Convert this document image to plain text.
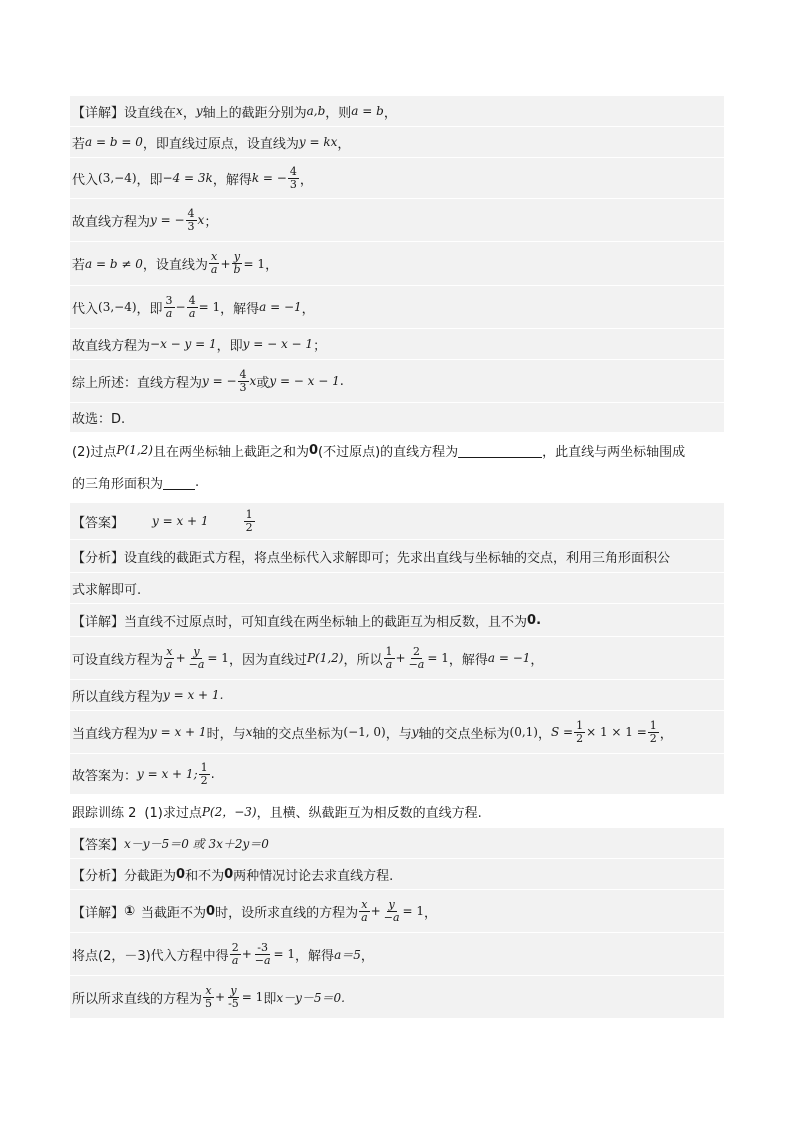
【详解】 设直线在 x ， y 轴上的截距分别为 a,b ，则 a = b ，
若 a = b = 0 ，即直线过原点，设直线为 y = kx ，
代入 (3,−4) ，即 −4 = 3k ，解得 k = − $\frac{4}{3}$ ，
故直线方程为 y = − $\frac{4}{3}$ x ；
若 a = b ≠ 0 ，设直线为 $\frac{x}{a} + \frac{y}{b} = 1$ ，
代入 (3,−4) ，即 $\frac{3}{a} - \frac{4}{a} = 1$ ，解得 a = −1 ，
故直线方程为 −x − y = 1 ，即 y = − x − 1 ；
综上所述：直线方程为 y = − $\frac{4}{3}$ x 或 y = − x − 1 .
故选：D.
(2)过点 P(1,2) 且在两坐标轴上截距之和为 0 (不过原点)的直线方程为	，此直线与两坐标轴围成
的三角形面积为 .
【答案】 y = x + 1	$\frac{1}{2}$
【分析】 设直线的截距式方程，将点坐标代入求解即可；先求出直线与坐标轴的交点，利用三角形面积公
式求解即可.
【详解】 当直线不过原点时，可知直线在两坐标轴上的截距互为相反数，且不为 0.
可设直线方程为 $\frac{x}{a} + \frac{y}{-a} = 1$ ，因为直线过 P(1,2) ，所以 $\frac{1}{a} + \frac{2}{-a} = 1$ ，解得 a = −1 ，
所以直线方程为 y = x + 1.
当直线方程为 y = x + 1 时，与 x 轴的交点坐标为 (−1, 0) ，与 y 轴的交点坐标为 (0,1) ， $S = \frac{1}{2} \times 1 \times 1 = \frac{1}{2}$ ，
故答案为： y = x + 1; $\frac{1}{2}$ .
跟踪训练 2 (1)求过点 P(2，−3) ，且横、纵截距互为相反数的直线方程.
【答案】 x－y－5＝0 或 3x＋2y＝0
【分析】 分截距为 0 和不为 0 两种情况讨论去求直线方程.
【详解】 ① 当截距不为 0 时，设所求直线的方程为 $\frac{x}{a} + \frac{y}{-a} = 1$ ，
将点(2，－3)代入方程中得 $\frac{2}{a} + \frac{-3}{-a} = 1$ ，解得 a＝5 ，
所以所求直线的方程为 $\frac{x}{5} + \frac{y}{-5} = 1$ 即 x－y－5＝0.
